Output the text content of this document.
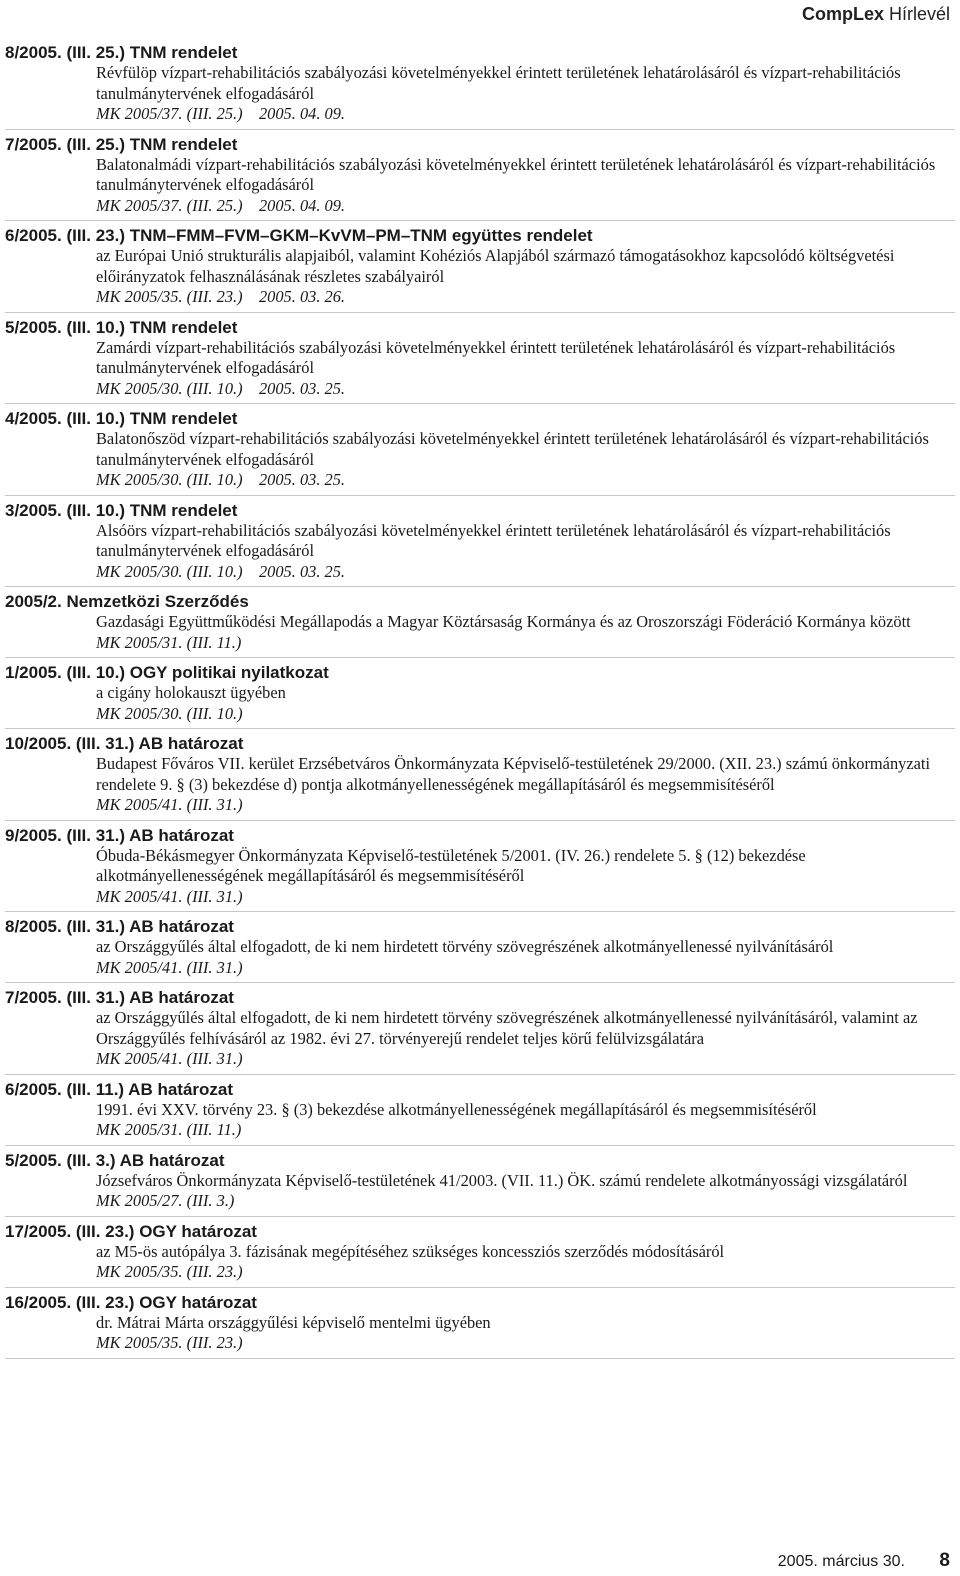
CompLex Hírlevél
8/2005. (III. 25.) TNM rendelet
Révfülöp vízpart-rehabilitációs szabályozási követelményekkel érintett területének lehatárolásáról és vízpart-rehabilitációs tanulmánytervének elfogadásáról
MK 2005/37. (III. 25.)    2005. 04. 09.
7/2005. (III. 25.) TNM rendelet
Balatonalmádi vízpart-rehabilitációs szabályozási követelményekkel érintett területének lehatárolásáról és vízpart-rehabilitációs tanulmánytervének elfogadásáról
MK 2005/37. (III. 25.)    2005. 04. 09.
6/2005. (III. 23.) TNM–FMM–FVM–GKM–KvVM–PM–TNM együttes rendelet
az Európai Unió strukturális alapjaiból, valamint Kohéziós Alapjából származó támogatásokhoz kapcsolódó költségvetési előirányzatok felhasználásának részletes szabályairól
MK 2005/35. (III. 23.)    2005. 03. 26.
5/2005. (III. 10.) TNM rendelet
Zamárdi vízpart-rehabilitációs szabályozási követelményekkel érintett területének lehatárolásáról és vízpart-rehabilitációs tanulmánytervének elfogadásáról
MK 2005/30. (III. 10.)    2005. 03. 25.
4/2005. (III. 10.) TNM rendelet
Balatonőszöd vízpart-rehabilitációs szabályozási követelményekkel érintett területének lehatárolásáról és vízpart-rehabilitációs tanulmánytervének elfogadásáról
MK 2005/30. (III. 10.)    2005. 03. 25.
3/2005. (III. 10.) TNM rendelet
Alsóörs vízpart-rehabilitációs szabályozási követelményekkel érintett területének lehatárolásáról és vízpart-rehabilitációs tanulmánytervének elfogadásáról
MK 2005/30. (III. 10.)    2005. 03. 25.
2005/2. Nemzetközi Szerződés
Gazdasági Együttműködési Megállapodás a Magyar Köztársaság Kormánya és az Oroszországi Föderáció Kormánya között
MK 2005/31. (III. 11.)
1/2005. (III. 10.) OGY politikai nyilatkozat
a cigány holokauszt ügyében
MK 2005/30. (III. 10.)
10/2005. (III. 31.) AB határozat
Budapest Főváros VII. kerület Erzsébetváros Önkormányzata Képviselő-testületének 29/2000. (XII. 23.) számú önkormányzati rendelete 9. § (3) bekezdése d) pontja alkotmányellenességének megállapításáról és megsemmisítéséről
MK 2005/41. (III. 31.)
9/2005. (III. 31.) AB határozat
Óbuda-Békásmegyer Önkormányzata Képviselő-testületének 5/2001. (IV. 26.) rendelete 5. § (12) bekezdése alkotmányellenességének megállapításáról és megsemmisítéséről
MK 2005/41. (III. 31.)
8/2005. (III. 31.) AB határozat
az Országgyűlés által elfogadott, de ki nem hirdetett törvény szövegrészének alkotmányellenessé nyilvánításáról
MK 2005/41. (III. 31.)
7/2005. (III. 31.) AB határozat
az Országgyűlés által elfogadott, de ki nem hirdetett törvény szövegrészének alkotmányellenessé nyilvánításáról, valamint az Országgyűlés felhívásáról az 1982. évi 27. törvényerejű rendelet teljes körű felülvizsgálatára
MK 2005/41. (III. 31.)
6/2005. (III. 11.) AB határozat
1991. évi XXV. törvény 23. § (3) bekezdése alkotmányellenességének megállapításáról és megsemmisítéséről
MK 2005/31. (III. 11.)
5/2005. (III. 3.) AB határozat
Józsefváros Önkormányzata Képviselő-testületének 41/2003. (VII. 11.) ÖK. számú rendelete alkotmányossági vizsgálatáról
MK 2005/27. (III. 3.)
17/2005. (III. 23.) OGY határozat
az M5-ös autópálya 3. fázisának megépítéséhez szükséges koncessziós szerződés módosításáról
MK 2005/35. (III. 23.)
16/2005. (III. 23.) OGY határozat
dr. Mátrai Márta országgyűlési képviselő mentelmi ügyében
MK 2005/35. (III. 23.)
2005. március 30. 8
